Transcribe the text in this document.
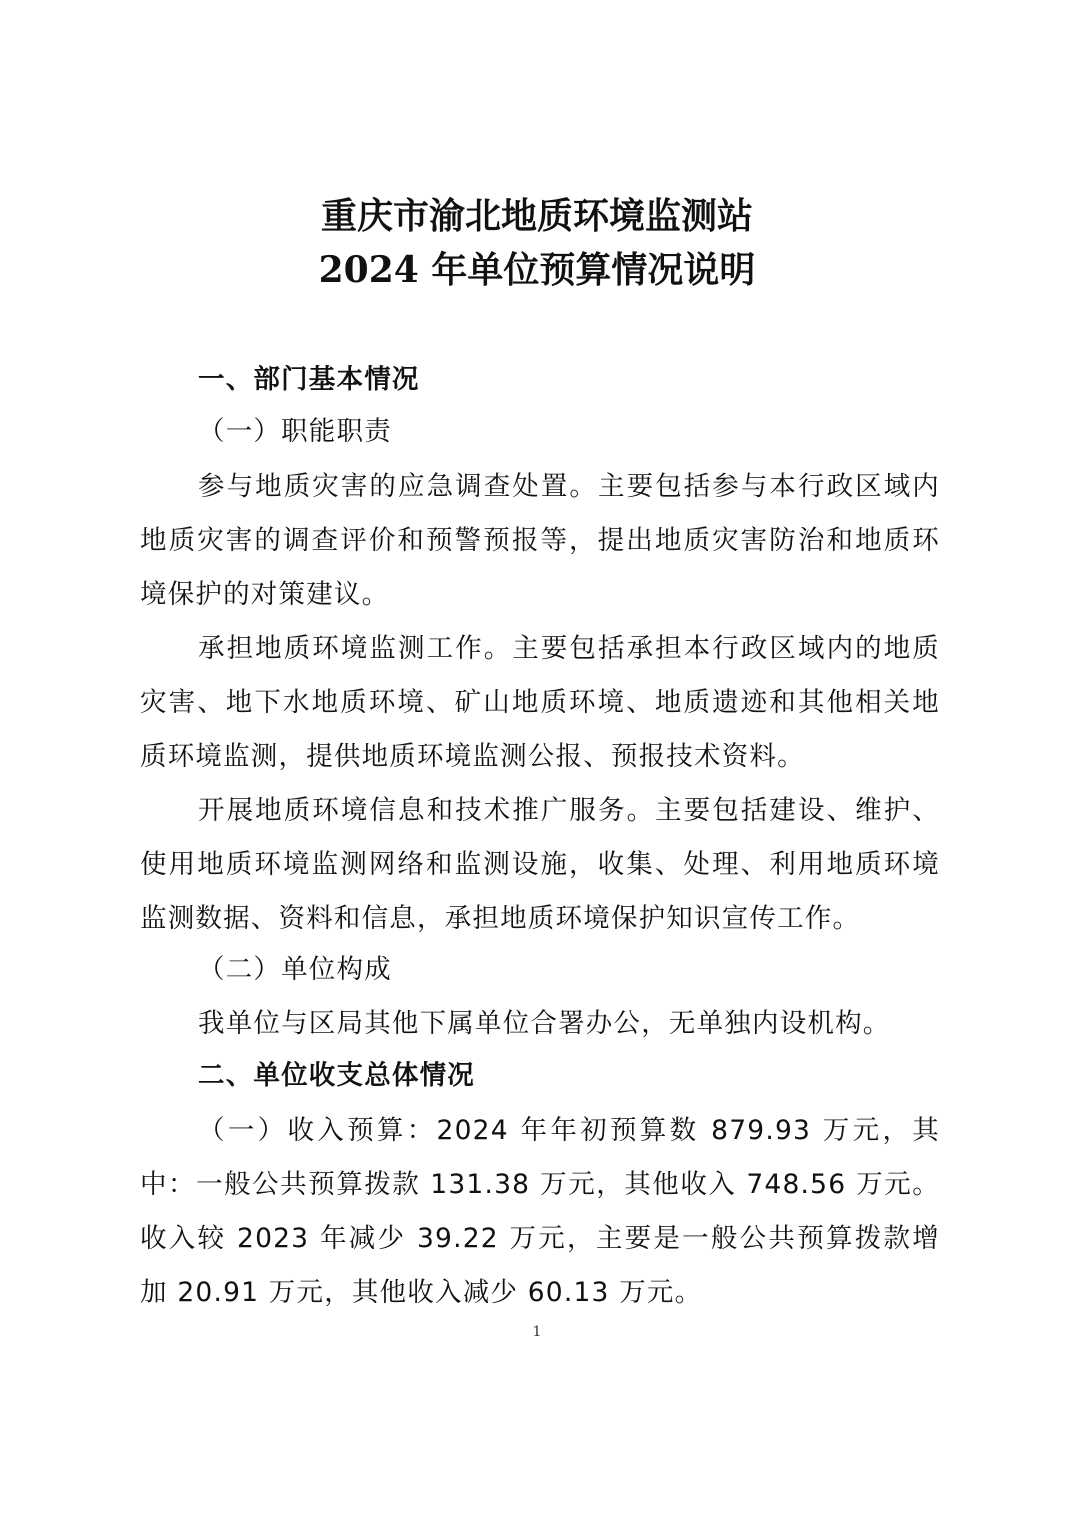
重庆市渝北地质环境监测站
2024 年单位预算情况说明
一、部门基本情况
（一）职能职责
参与地质灾害的应急调查处置。主要包括参与本行政区域内地质灾害的调查评价和预警预报等，提出地质灾害防治和地质环境保护的对策建议。
承担地质环境监测工作。主要包括承担本行政区域内的地质灾害、地下水地质环境、矿山地质环境、地质遗迹和其他相关地质环境监测，提供地质环境监测公报、预报技术资料。
开展地质环境信息和技术推广服务。主要包括建设、维护、使用地质环境监测网络和监测设施，收集、处理、利用地质环境监测数据、资料和信息，承担地质环境保护知识宣传工作。
（二）单位构成
我单位与区局其他下属单位合署办公，无单独内设机构。
二、单位收支总体情况
（一）收入预算：2024 年年初预算数 879.93 万元，其中：一般公共预算拨款 131.38 万元，其他收入 748.56 万元。收入较 2023 年减少 39.22 万元，主要是一般公共预算拨款增加 20.91 万元，其他收入减少 60.13 万元。
1
